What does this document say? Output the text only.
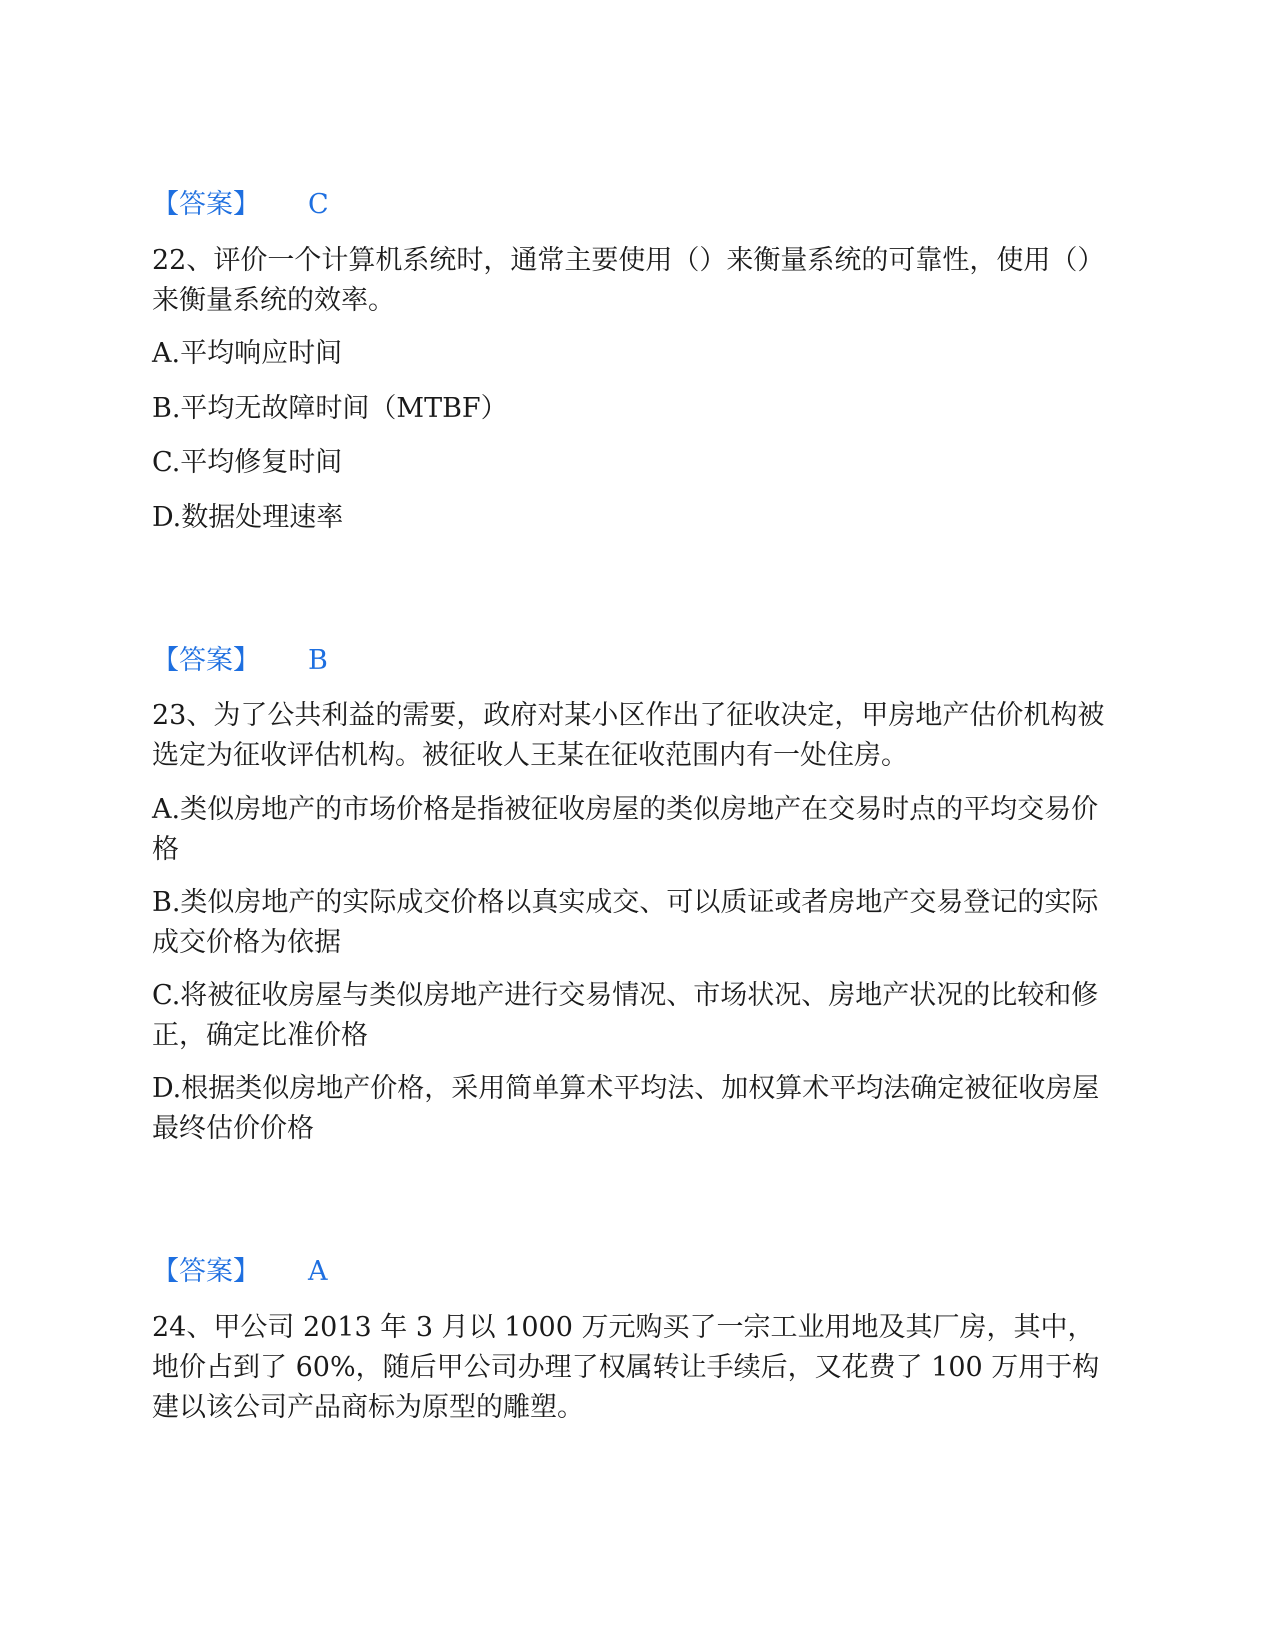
【答案】 C

22、评价一个计算机系统时，通常主要使用（）来衡量系统的可靠性，使用（）来衡量系统的效率。

A.平均响应时间

B.平均无故障时间（MTBF）

C.平均修复时间

D.数据处理速率

【答案】 B

23、为了公共利益的需要，政府对某小区作出了征收决定，甲房地产估价机构被选定为征收评估机构。被征收人王某在征收范围内有一处住房。

A.类似房地产的市场价格是指被征收房屋的类似房地产在交易时点的平均交易价格

B.类似房地产的实际成交价格以真实成交、可以质证或者房地产交易登记的实际成交价格为依据

C.将被征收房屋与类似房地产进行交易情况、市场状况、房地产状况的比较和修正，确定比准价格

D.根据类似房地产价格，采用简单算术平均法、加权算术平均法确定被征收房屋最终估价价格

【答案】 A

24、甲公司 2013 年 3 月以 1000 万元购买了一宗工业用地及其厂房，其中，地价占到了 60%，随后甲公司办理了权属转让手续后，又花费了 100 万用于构建以该公司产品商标为原型的雕塑。
